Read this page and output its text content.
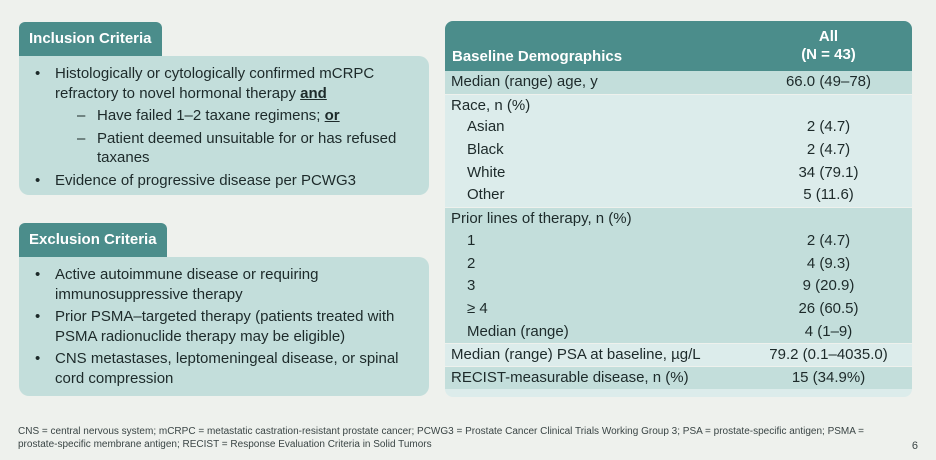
Inclusion Criteria
• Histologically or cytologically confirmed mCRPC refractory to novel hormonal therapy and
– Have failed 1–2 taxane regimens; or
– Patient deemed unsuitable for or has refused taxanes
• Evidence of progressive disease per PCWG3
Exclusion Criteria
• Active autoimmune disease or requiring immunosuppressive therapy
• Prior PSMA–targeted therapy (patients treated with PSMA radionuclide therapy may be eligible)
• CNS metastases, leptomeningeal disease, or spinal cord compression
Baseline Demographics
All
(N = 43)
Median (range) age, y	66.0 (49–78)
Race, n (%)
Asian	2 (4.7)
Black	2 (4.7)
White	34 (79.1)
Other	5 (11.6)
Prior lines of therapy, n (%)
1	2 (4.7)
2	4 (9.3)
3	9 (20.9)
≥ 4	26 (60.5)
Median (range)	4 (1–9)
Median (range) PSA at baseline, µg/L	79.2 (0.1–4035.0)
RECIST-measurable disease, n (%)	15 (34.9%)
CNS = central nervous system; mCRPC = metastatic castration-resistant prostate cancer; PCWG3 = Prostate Cancer Clinical Trials Working Group 3; PSA = prostate-specific antigen; PSMA = prostate-specific membrane antigen; RECIST = Response Evaluation Criteria in Solid Tumors	6
